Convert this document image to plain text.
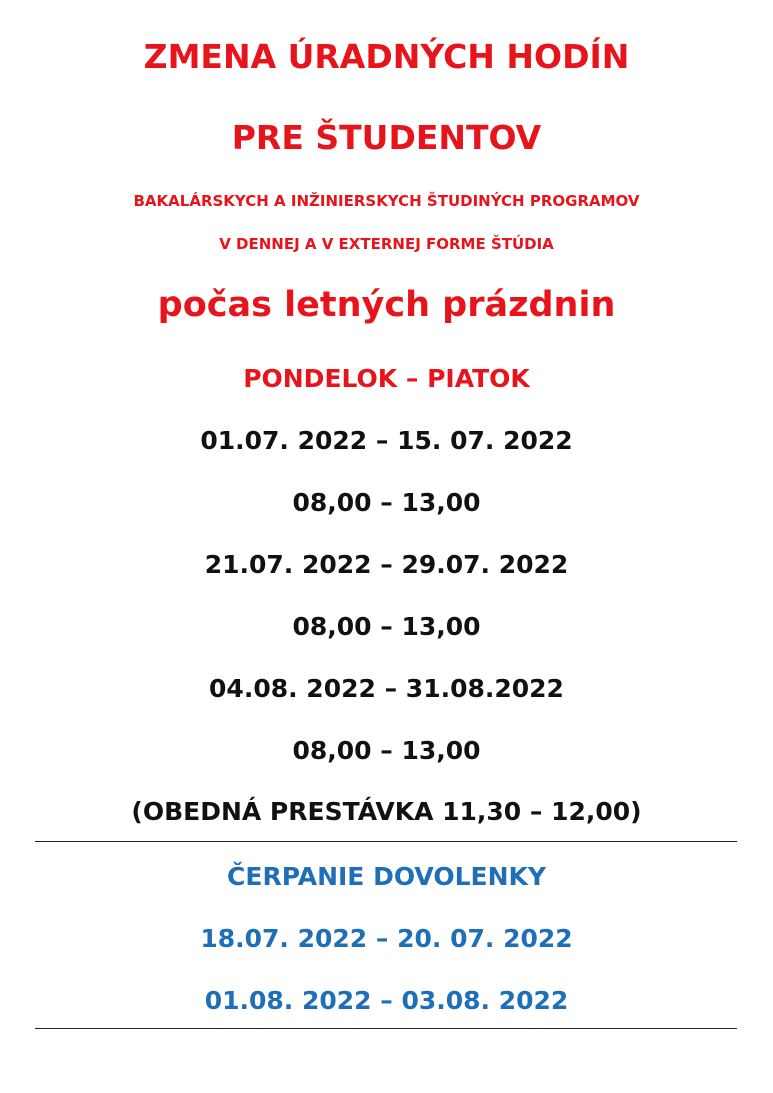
ZMENA ÚRADNÝCH HODÍN
PRE ŠTUDENTOV
BAKALÁRSKYCH A INŽINIERSKYCH ŠTUDINÝCH PROGRAMOV
V DENNEJ A V EXTERNEJ FORME ŠTÚDIA
počas letných prázdnin
PONDELOK – PIATOK
01.07. 2022 – 15. 07. 2022
08,00 – 13,00
21.07. 2022 – 29.07. 2022
08,00 – 13,00
04.08. 2022 – 31.08.2022
08,00 – 13,00
(OBEDNÁ PRESTÁVKA 11,30 – 12,00)
ČERPANIE DOVOLENKY
18.07. 2022 – 20. 07. 2022
01.08. 2022 – 03.08. 2022
